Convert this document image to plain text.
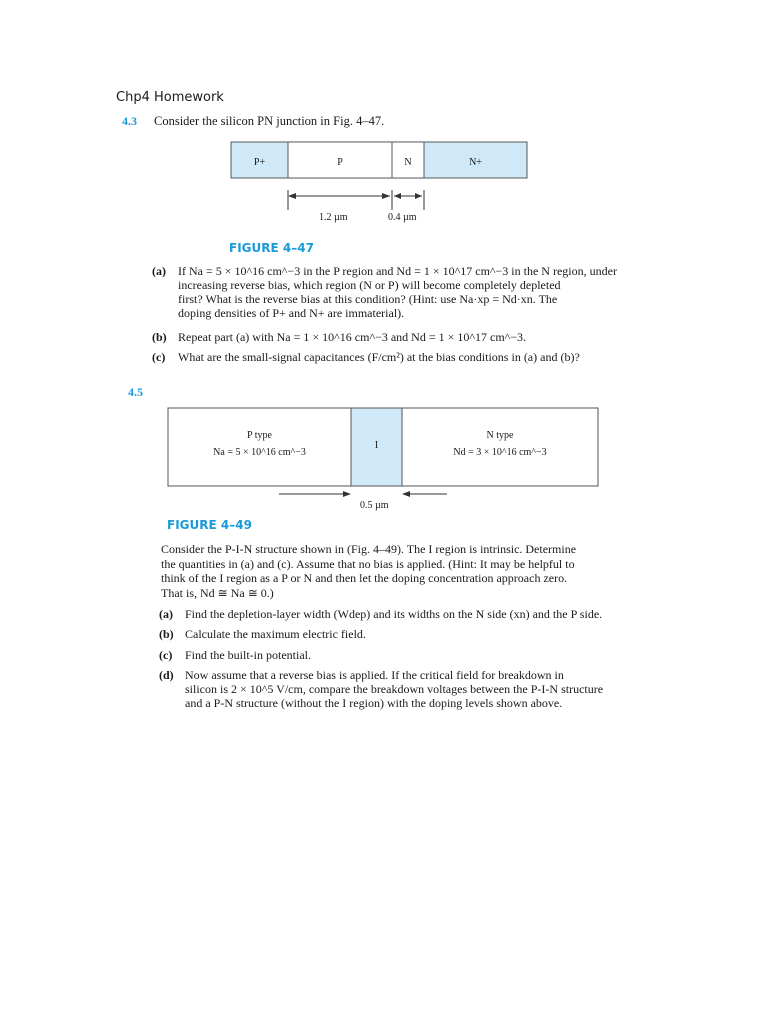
Chp4 Homework
4.3 Consider the silicon PN junction in Fig. 4–47.
P+	P	N	N+
1.2 µm	0.4 µm
FIGURE 4–47
(a) If Na = 5 × 10^16 cm^−3 in the P region and Nd = 1 × 10^17 cm^−3 in the N region, under
increasing reverse bias, which region (N or P) will become completely depleted
first? What is the reverse bias at this condition? (Hint: use Na·xp = Nd·xn. The
doping densities of P+ and N+ are immaterial).
(b) Repeat part (a) with Na = 1 × 10^16 cm^−3 and Nd = 1 × 10^17 cm^−3.
(c) What are the small-signal capacitances (F/cm²) at the bias conditions in (a) and (b)?
4.5
P type
Na = 5 × 10^16 cm^−3
I
N type
Nd = 3 × 10^16 cm^−3
0.5 µm
FIGURE 4–49
Consider the P-I-N structure shown in (Fig. 4–49). The I region is intrinsic. Determine
the quantities in (a) and (c). Assume that no bias is applied. (Hint: It may be helpful to
think of the I region as a P or N and then let the doping concentration approach zero.
That is, Nd ≅ Na ≅ 0.)
(a) Find the depletion-layer width (Wdep) and its widths on the N side (xn) and the P side.
(b) Calculate the maximum electric field.
(c) Find the built-in potential.
(d) Now assume that a reverse bias is applied. If the critical field for breakdown in
silicon is 2 × 10^5 V/cm, compare the breakdown voltages between the P-I-N structure
and a P-N structure (without the I region) with the doping levels shown above.
